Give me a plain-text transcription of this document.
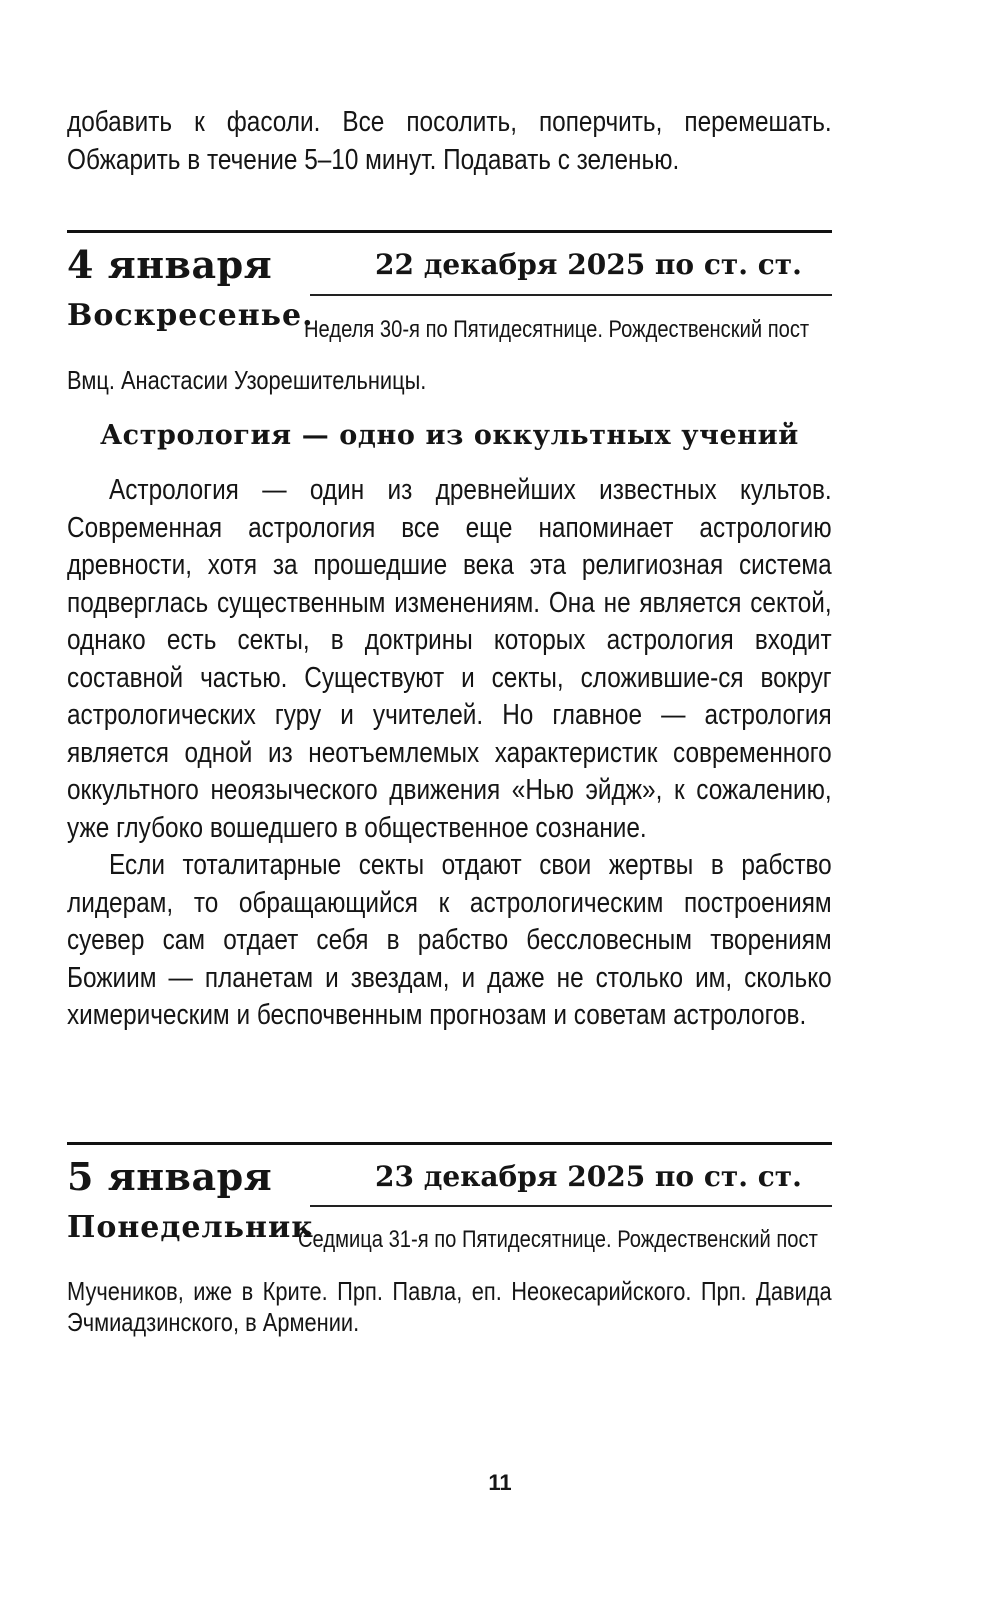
добавить к фасоли. Все посолить, поперчить, перемешать.

Обжарить в течение 5–10 минут. Подавать с зеленью.

4 января	22 декабря 2025 по ст. ст.
Воскресенье.
Неделя 30-я по Пятидесятнице. Рождественский пост
Вмц. Анастасии Узорешительницы.
Астрология — одно из оккультных учений

Астрология — один из древнейших известных культов. Современная астрология все еще напоминает астрологию древности, хотя за прошедшие века эта религиозная система подверглась существенным изменениям. Она не является сектой, однако есть секты, в доктрины которых астрология входит составной частью. Существуют и секты, сложившие-ся вокруг астрологических гуру и учителей. Но главное — астрология является одной из неотъемлемых характеристик современного оккультного неоязыческого движения «Нью эйдж», к сожалению, уже глубоко вошедшего в общественное сознание.

Если тоталитарные секты отдают свои жертвы в рабство лидерам, то обращающийся к астрологическим построениям суевер сам отдает себя в рабство бессловесным творениям Божиим — планетам и звездам, и даже не столько им, сколько химерическим и беспочвенным прогнозам и советам астрологов.

5 января	23 декабря 2025 по ст. ст.
Понедельник
Седмица 31-я по Пятидесятнице. Рождественский пост
Мучеников, иже в Крите. Прп. Павла, еп. Неокесарийского. Прп. Давида Эчмиадзинского, в Армении.
11
